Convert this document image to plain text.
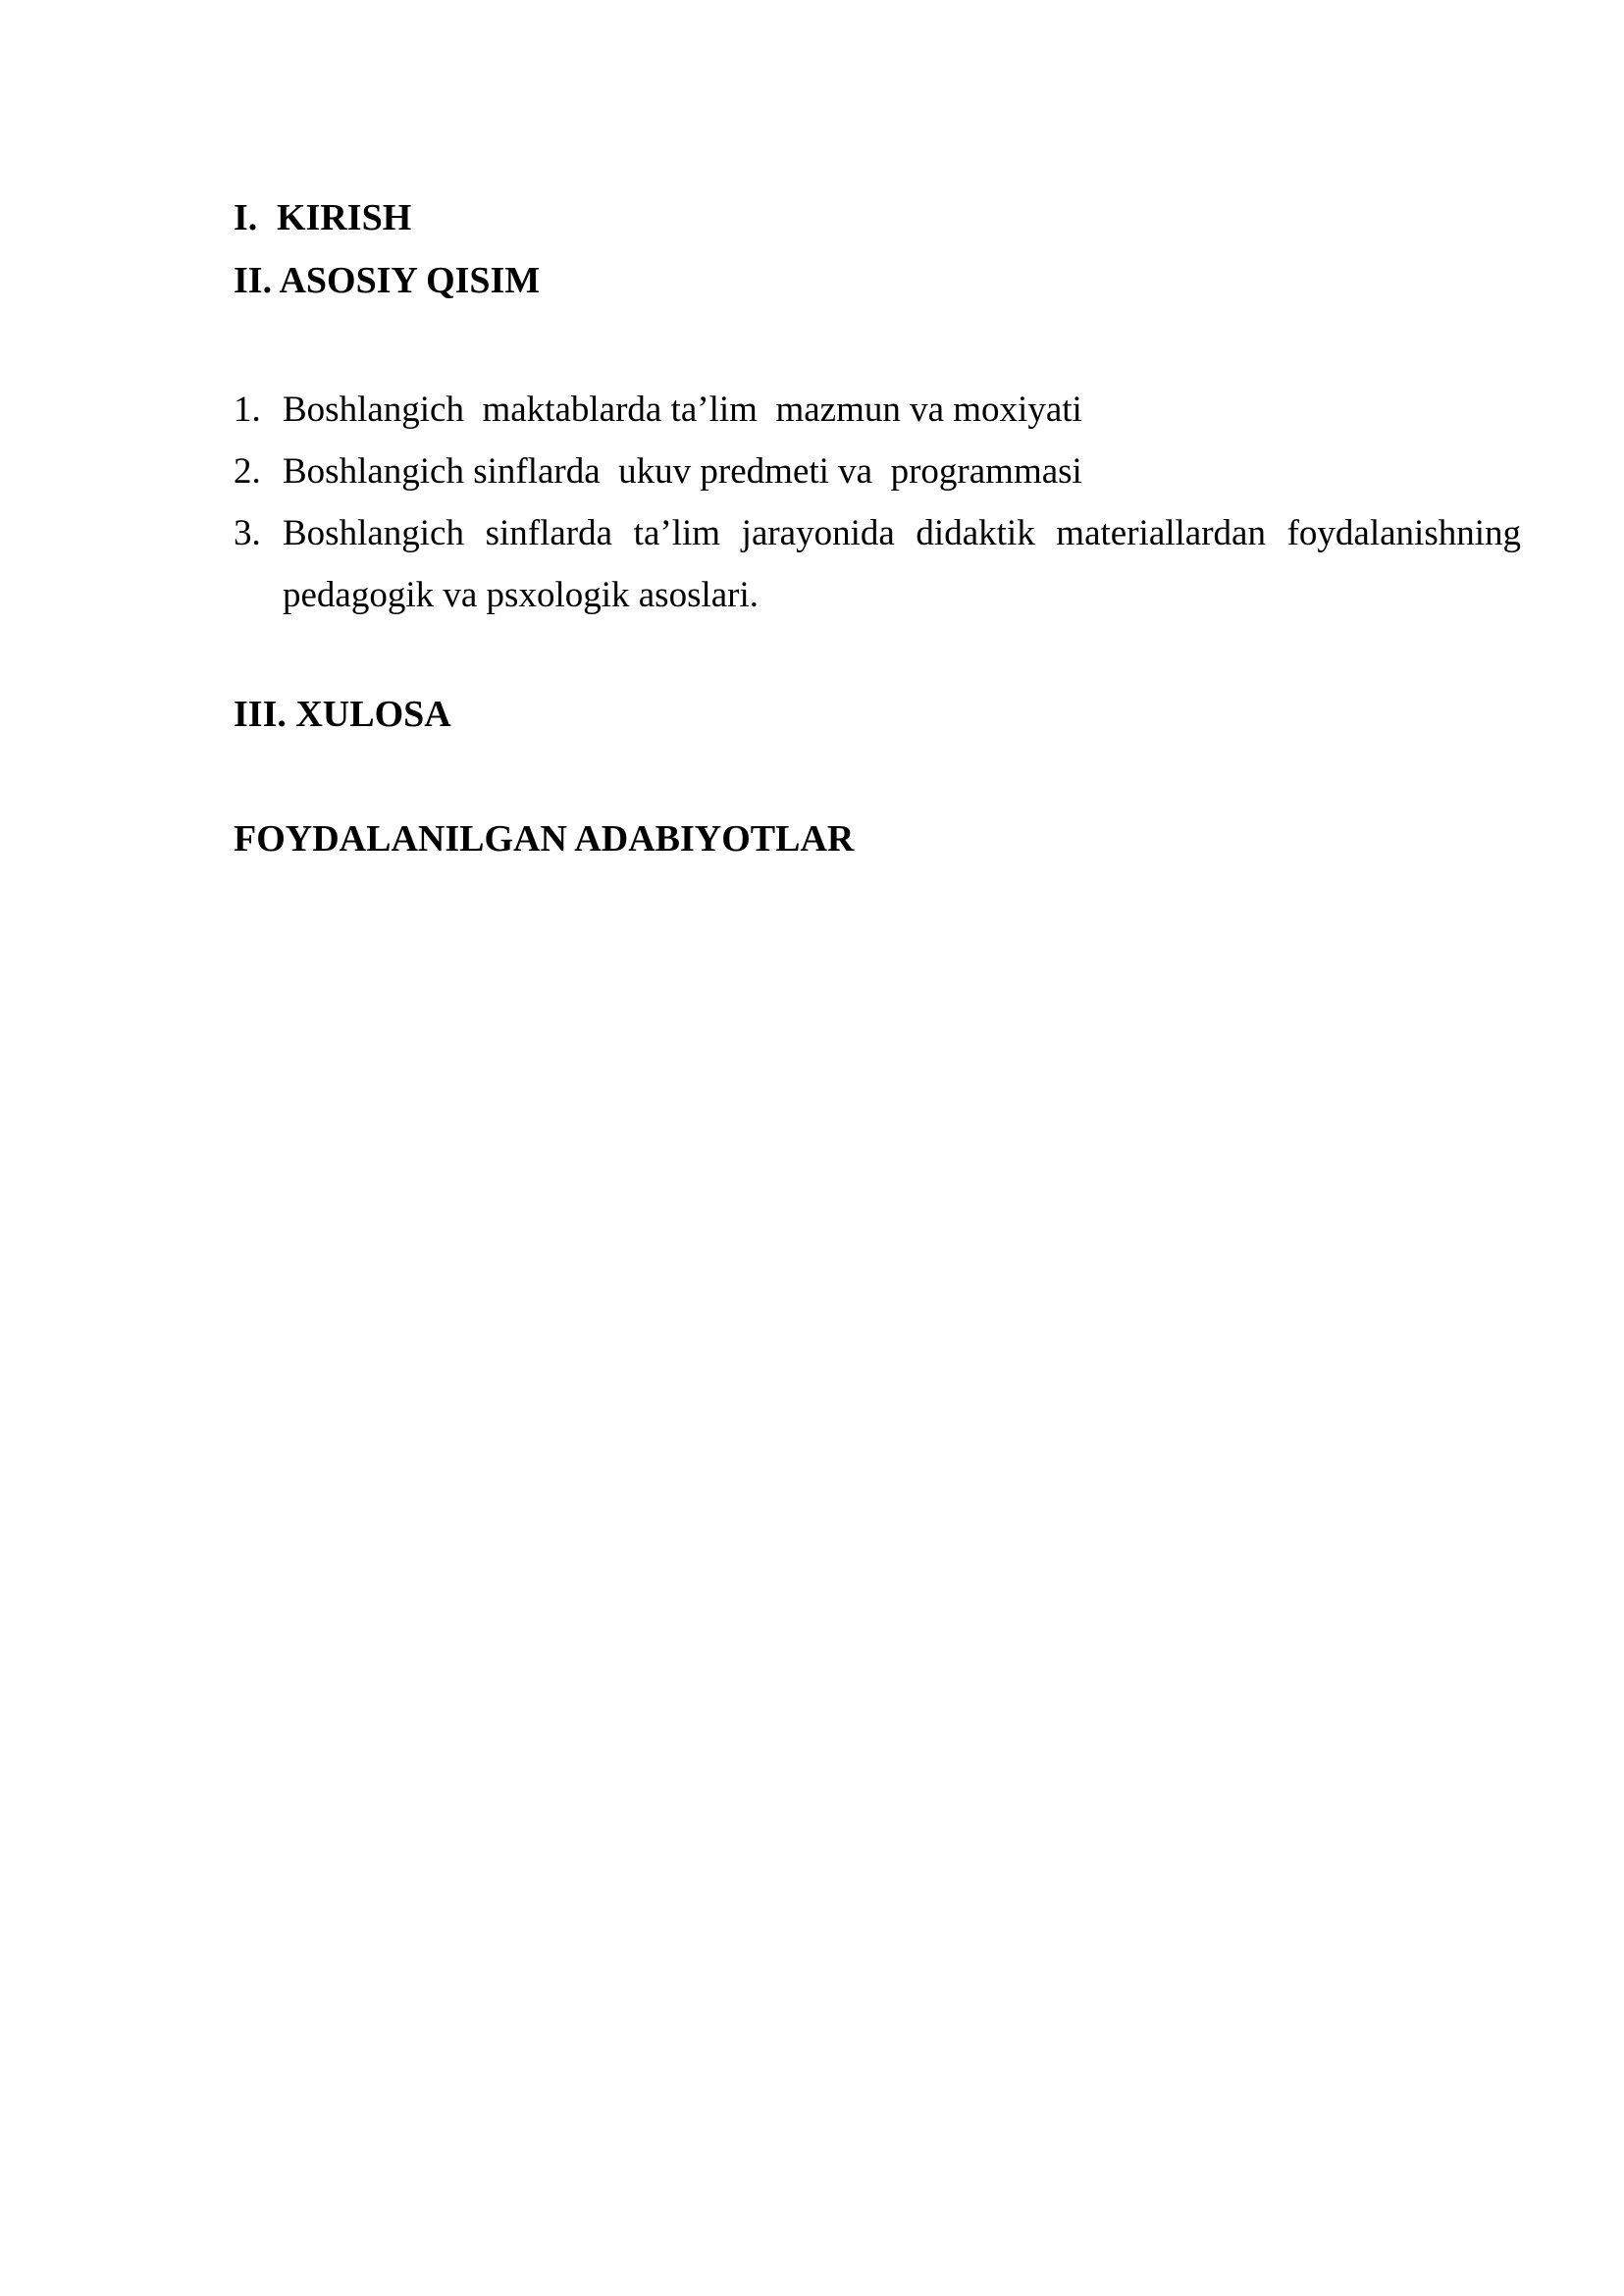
I. KIRISH
II. ASOSIY QISIM
1. Boshlangich  maktablarda ta’lim  mazmun va moxiyati
2. Boshlangich sinflarda  ukuv predmeti va  programmasi
3. Boshlangich sinflarda ta’lim jarayonida didaktik materiallardan foydalanishning pedagogik va psxologik asoslari.
III. XULOSA
FOYDALANILGAN ADABIYOTLAR
